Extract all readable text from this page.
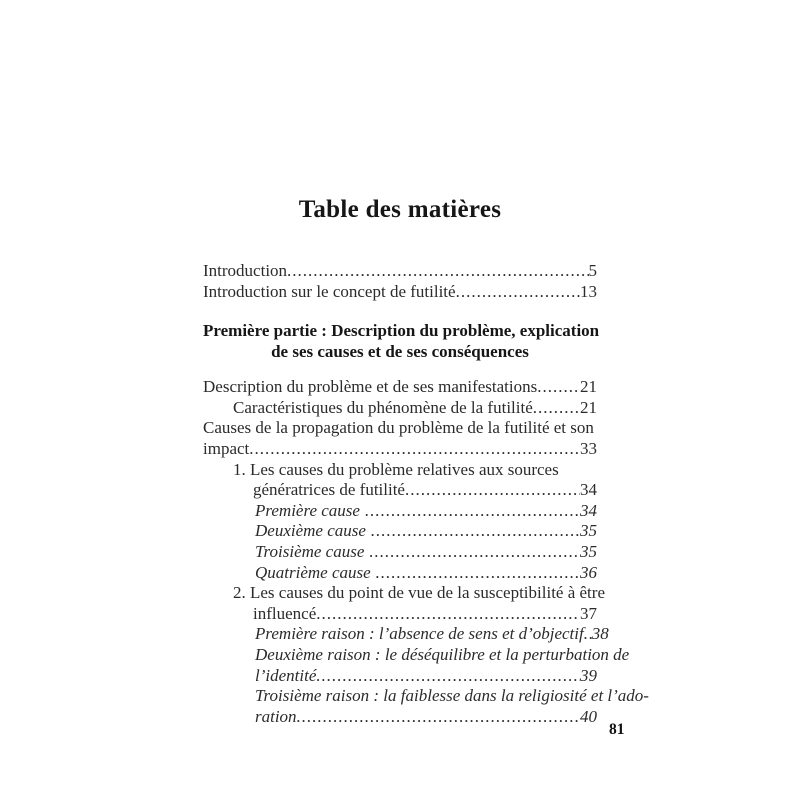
Table des matières
Introduction .....	5
Introduction sur le concept de futilité .....	13
Première partie : Description du problème, explication
de ses causes et de ses conséquences
Description du problème et de ses manifestations .....	21
Caractéristiques du phénomène de la futilité .....	21
Causes de la propagation du problème de la futilité et son
impact .....	33
1. Les causes du problème relatives aux sources
génératrices de futilité .....	34
Première cause .....	34
Deuxième cause .....	35
Troisième cause .....	35
Quatrième cause .....	36
2. Les causes du point de vue de la susceptibilité à être
influencé .....	37
Première raison : l’absence de sens et d’objectif ..... 38
Deuxième raison : le déséquilibre et la perturbation de
l’identité .....	39
Troisième raison : la faiblesse dans la religiosité et l’ado-
ration .....	40
81
